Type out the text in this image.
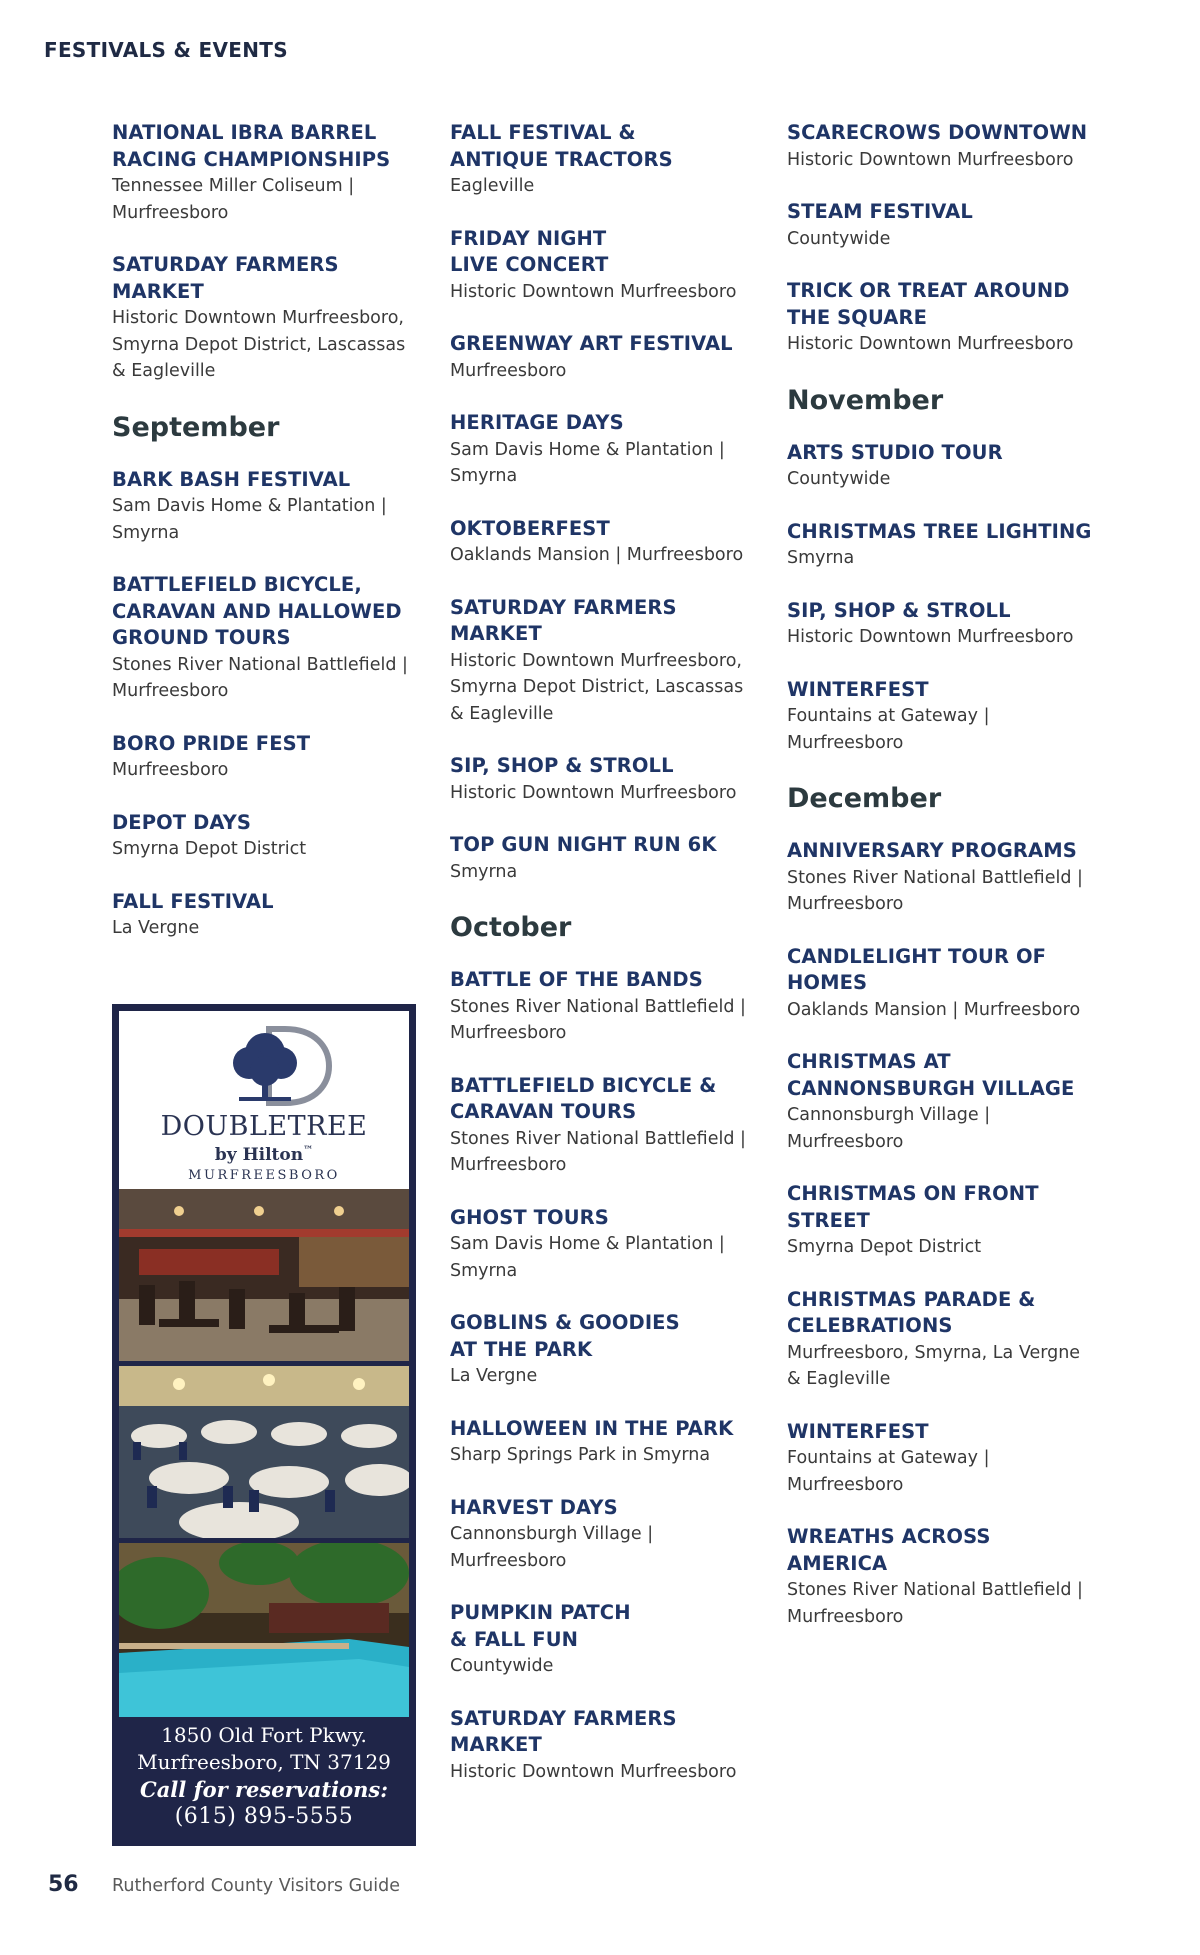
FESTIVALS & EVENTS

NATIONAL IBRA BARREL

RACING CHAMPIONSHIPS

Tennessee Miller Coliseum |

Murfreesboro

SATURDAY FARMERS

MARKET

Historic Downtown Murfreesboro,

Smyrna Depot District, Lascassas

& Eagleville

September

BARK BASH FESTIVAL

Sam Davis Home & Plantation |

Smyrna

BATTLEFIELD BICYCLE,

CARAVAN AND HALLOWED

GROUND TOURS

Stones River National Battlefield |

Murfreesboro

BORO PRIDE FEST

Murfreesboro

DEPOT DAYS

Smyrna Depot District

FALL FESTIVAL

La Vergne

FALL FESTIVAL &

ANTIQUE TRACTORS

Eagleville

FRIDAY NIGHT

LIVE CONCERT

Historic Downtown Murfreesboro

GREENWAY ART FESTIVAL

Murfreesboro

HERITAGE DAYS

Sam Davis Home & Plantation |

Smyrna

OKTOBERFEST

Oaklands Mansion | Murfreesboro

SATURDAY FARMERS

MARKET

Historic Downtown Murfreesboro,

Smyrna Depot District, Lascassas

& Eagleville

SIP, SHOP & STROLL

Historic Downtown Murfreesboro

TOP GUN NIGHT RUN 6K

Smyrna

October

BATTLE OF THE BANDS

Stones River National Battlefield |

Murfreesboro

BATTLEFIELD BICYCLE &

CARAVAN TOURS

Stones River National Battlefield |

Murfreesboro

GHOST TOURS

Sam Davis Home & Plantation |

Smyrna

GOBLINS & GOODIES

AT THE PARK

La Vergne

HALLOWEEN IN THE PARK

Sharp Springs Park in Smyrna

HARVEST DAYS

Cannonsburgh Village |

Murfreesboro

PUMPKIN PATCH

& FALL FUN

Countywide

SATURDAY FARMERS

MARKET

Historic Downtown Murfreesboro

SCARECROWS DOWNTOWN

Historic Downtown Murfreesboro

STEAM FESTIVAL

Countywide

TRICK OR TREAT AROUND

THE SQUARE

Historic Downtown Murfreesboro

November

ARTS STUDIO TOUR

Countywide

CHRISTMAS TREE LIGHTING

Smyrna

SIP, SHOP & STROLL

Historic Downtown Murfreesboro

WINTERFEST

Fountains at Gateway |

Murfreesboro

December

ANNIVERSARY PROGRAMS

Stones River National Battlefield |

Murfreesboro

CANDLELIGHT TOUR OF

HOMES

Oaklands Mansion | Murfreesboro

CHRISTMAS AT

CANNONSBURGH VILLAGE

Cannonsburgh Village |

Murfreesboro

CHRISTMAS ON FRONT

STREET

Smyrna Depot District

CHRISTMAS PARADE &

CELEBRATIONS

Murfreesboro, Smyrna, La Vergne

& Eagleville

WINTERFEST

Fountains at Gateway |

Murfreesboro

WREATHS ACROSS

AMERICA

Stones River National Battlefield |

Murfreesboro

DOUBLETREE

by Hilton™

MURFREESBORO

1850 Old Fort Pkwy.

Murfreesboro, TN 37129

Call for reservations:

(615) 895-5555

56 Rutherford County Visitors Guide
